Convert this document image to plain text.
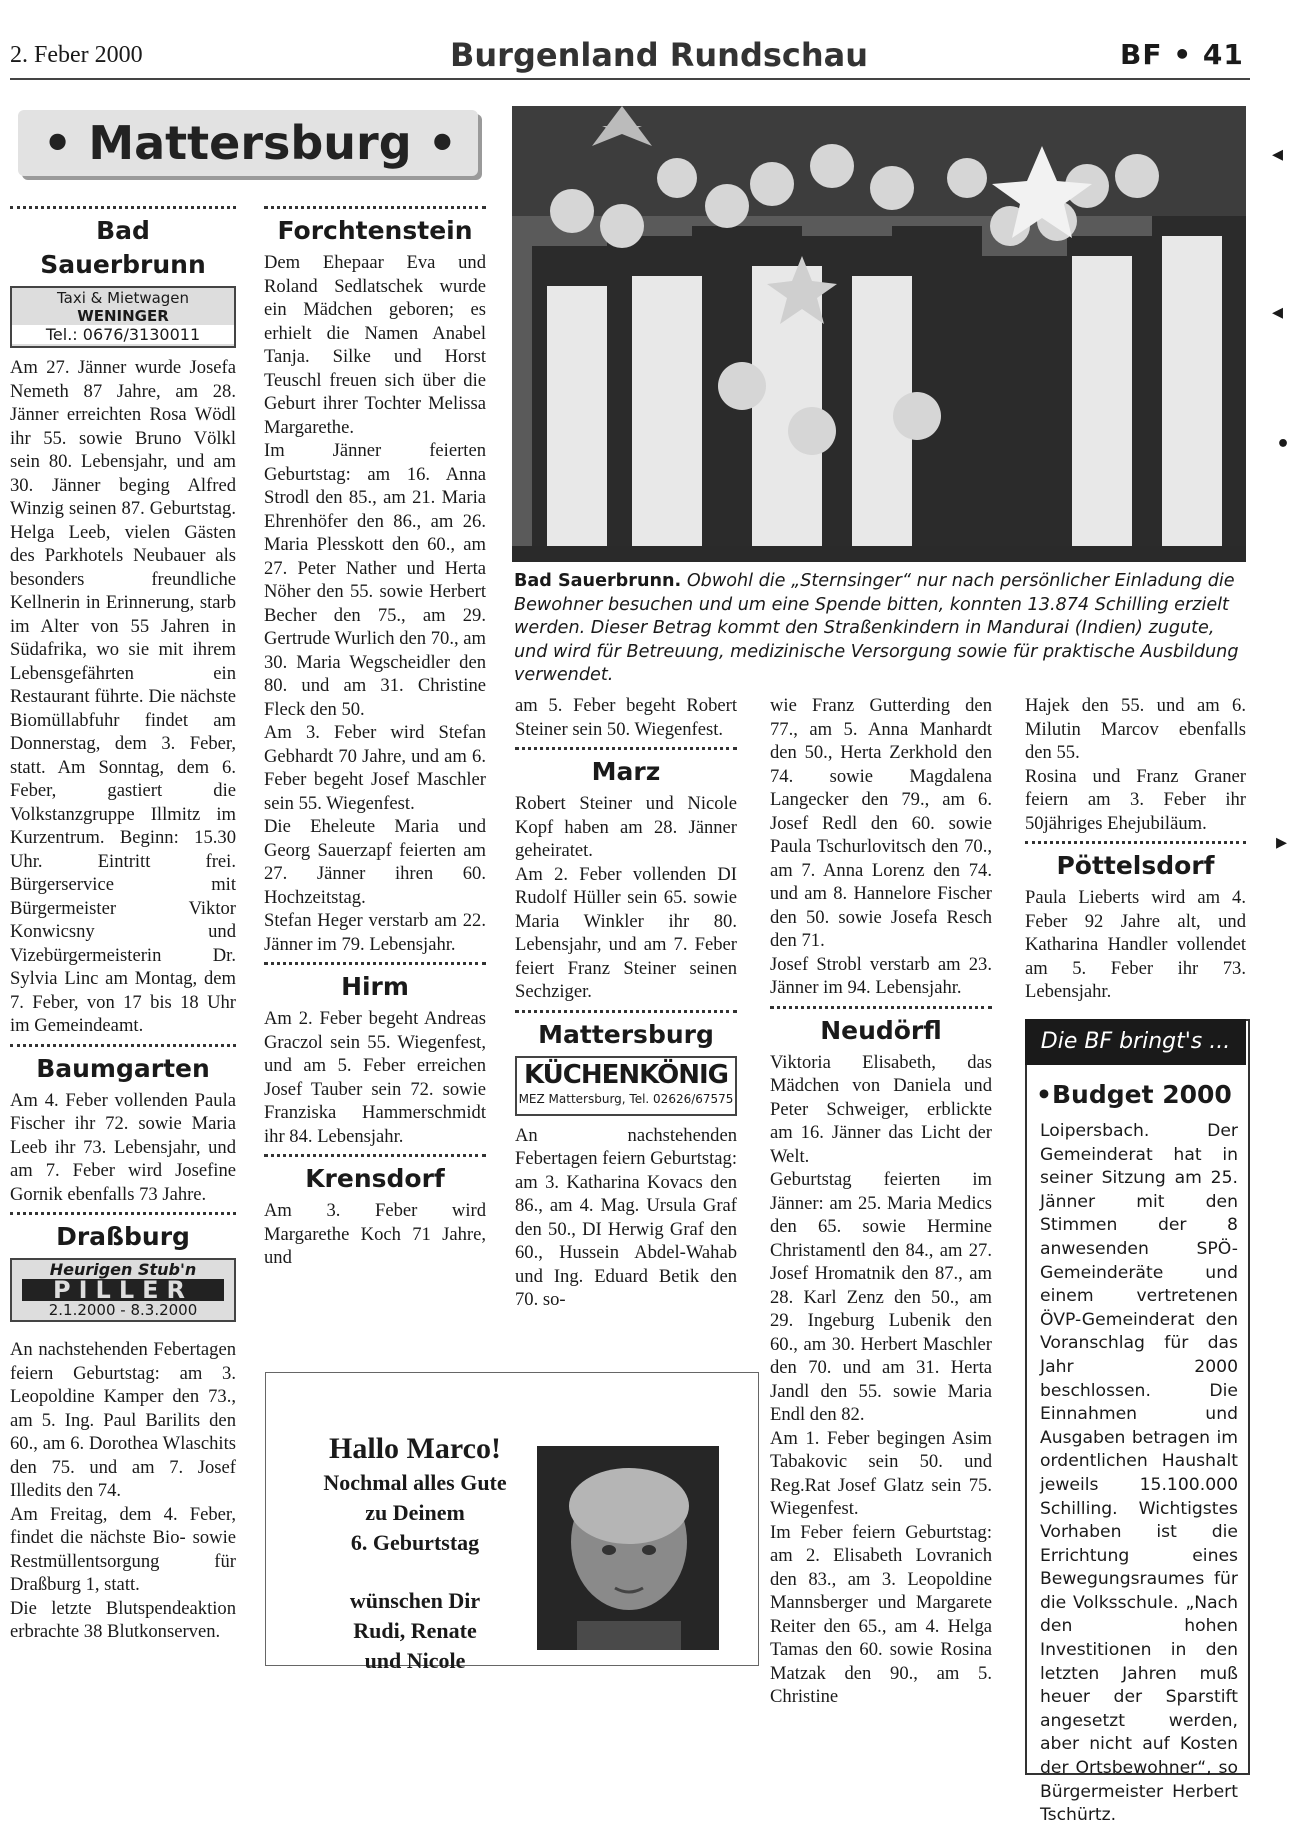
2. Feber 2000	Burgenland Rundschau	BF • 41
• Mattersburg •
Bad Sauerbrunn. Obwohl die „Sternsinger“ nur nach persönlicher Einladung die Bewohner besuchen und um eine Spende bitten, konnten 13.874 Schilling erzielt werden. Dieser Betrag kommt den Straßenkindern in Mandurai (Indien) zugute, und wird für Betreuung, medizinische Versorgung sowie für praktische Ausbildung verwendet.
Bad Sauerbrunn
Taxi & Mietwagen
WENINGER
Tel.: 0676/3130011

Am 27. Jänner wurde Josefa Nemeth 87 Jahre, am 28. Jänner erreichten Rosa Wödl ihr 55. sowie Bruno Völkl sein 80. Lebensjahr, und am 30. Jänner beging Alfred Winzig seinen 87. Geburtstag. Helga Leeb, vielen Gästen des Parkhotels Neubauer als besonders freundliche Kellnerin in Erinnerung, starb im Alter von 55 Jahren in Südafrika, wo sie mit ihrem Lebensgefährten ein Restaurant führte. Die nächste Biomüllabfuhr findet am Donnerstag, dem 3. Feber, statt. Am Sonntag, dem 6. Feber, gastiert die Volkstanzgruppe Illmitz im Kurzentrum. Beginn: 15.30 Uhr. Eintritt frei. Bürgerservice mit Bürgermeister Viktor Konwicsny und Vizebürgermeisterin Dr. Sylvia Linc am Montag, dem 7. Feber, von 17 bis 18 Uhr im Gemeindeamt.

Baumgarten

Am 4. Feber vollenden Paula Fischer ihr 72. sowie Maria Leeb ihr 73. Lebensjahr, und am 7. Feber wird Josefine Gornik ebenfalls 73 Jahre.

Draßburg
Heurigen Stub'n
PILLER
2.1.2000 - 8.3.2000

An nachstehenden Febertagen feiern Geburtstag: am 3. Leopoldine Kamper den 73., am 5. Ing. Paul Barilits den 60., am 6. Dorothea Wlaschits den 75. und am 7. Josef Illedits den 74.

Am Freitag, dem 4. Feber, findet die nächste Bio- sowie Restmüllentsorgung für Draßburg 1, statt.

Die letzte Blutspendeaktion erbrachte 38 Blutkonserven.

Forchtenstein

Dem Ehepaar Eva und Roland Sedlatschek wurde ein Mädchen geboren; es erhielt die Namen Anabel Tanja. Silke und Horst Teuschl freuen sich über die Geburt ihrer Tochter Melissa Margarethe.

Im Jänner feierten Geburtstag: am 16. Anna Strodl den 85., am 21. Maria Ehrenhöfer den 86., am 26. Maria Plesskott den 60., am 27. Peter Nather und Herta Nöher den 55. sowie Herbert Becher den 75., am 29. Gertrude Wurlich den 70., am 30. Maria Wegscheidler den 80. und am 31. Christine Fleck den 50.

Am 3. Feber wird Stefan Gebhardt 70 Jahre, und am 6. Feber begeht Josef Maschler sein 55. Wiegenfest.

Die Eheleute Maria und Georg Sauerzapf feierten am 27. Jänner ihren 60. Hochzeitstag.

Stefan Heger verstarb am 22. Jänner im 79. Lebensjahr.

Hirm

Am 2. Feber begeht Andreas Graczol sein 55. Wiegenfest, und am 5. Feber erreichen Josef Tauber sein 72. sowie Franziska Hammerschmidt ihr 84. Lebensjahr.

Krensdorf

Am 3. Feber wird Margarethe Koch 71 Jahre, und

am 5. Feber begeht Robert Steiner sein 50. Wiegenfest.

Marz

Robert Steiner und Nicole Kopf haben am 28. Jänner geheiratet.

Am 2. Feber vollenden DI Rudolf Hüller sein 65. sowie Maria Winkler ihr 80. Lebensjahr, und am 7. Feber feiert Franz Steiner seinen Sechziger.

Mattersburg
KÜCHENKÖNIG
MEZ Mattersburg, Tel. 02626/67575

An nachstehenden Febertagen feiern Geburtstag: am 3. Katharina Kovacs den 86., am 4. Mag. Ursula Graf den 50., DI Herwig Graf den 60., Hussein Abdel-Wahab und Ing. Eduard Betik den 70. so-

wie Franz Gutterding den 77., am 5. Anna Manhardt den 50., Herta Zerkhold den 74. sowie Magdalena Langecker den 79., am 6. Josef Redl den 60. sowie Paula Tschurlovitsch den 70., am 7. Anna Lorenz den 74. und am 8. Hannelore Fischer den 50. sowie Josefa Resch den 71.

Josef Strobl verstarb am 23. Jänner im 94. Lebensjahr.

Neudörfl

Viktoria Elisabeth, das Mädchen von Daniela und Peter Schweiger, erblickte am 16. Jänner das Licht der Welt.

Geburtstag feierten im Jänner: am 25. Maria Medics den 65. sowie Hermine Christamentl den 84., am 27. Josef Hromatnik den 87., am 28. Karl Zenz den 50., am 29. Ingeburg Lubenik den 60., am 30. Herbert Maschler den 70. und am 31. Herta Jandl den 55. sowie Maria Endl den 82.

Am 1. Feber begingen Asim Tabakovic sein 50. und Reg.Rat Josef Glatz sein 75. Wiegenfest.

Im Feber feiern Geburtstag: am 2. Elisabeth Lovranich den 83., am 3. Leopoldine Mannsberger und Margarete Reiter den 65., am 4. Helga Tamas den 60. sowie Rosina Matzak den 90., am 5. Christine

Hajek den 55. und am 6. Milutin Marcov ebenfalls den 55.

Rosina und Franz Graner feiern am 3. Feber ihr 50jähriges Ehejubiläum.

Pöttelsdorf

Paula Lieberts wird am 4. Feber 92 Jahre alt, und Katharina Handler vollendet am 5. Feber ihr 73. Lebensjahr.

Die BF bringt's ...
•Budget 2000
Loipersbach. Der Gemeinderat hat in seiner Sitzung am 25. Jänner mit den Stimmen der 8 anwesenden SPÖ-Gemeinderäte und einem vertretenen ÖVP-Gemeinderat den Voranschlag für das Jahr 2000 beschlossen. Die Einnahmen und Ausgaben betragen im ordentlichen Haushalt jeweils 15.100.000 Schilling. Wichtigstes Vorhaben ist die Errichtung eines Bewegungsraumes für die Volksschule. „Nach den hohen Investitionen in den letzten Jahren muß heuer der Sparstift angesetzt werden, aber nicht auf Kosten der Ortsbewohner“, so Bürgermeister Herbert Tschürtz.
Hallo Marco!
Nochmal alles Gute
zu Deinem
6. Geburtstag
wünschen Dir
Rudi, Renate
und Nicole
◂
◂
•
▸
